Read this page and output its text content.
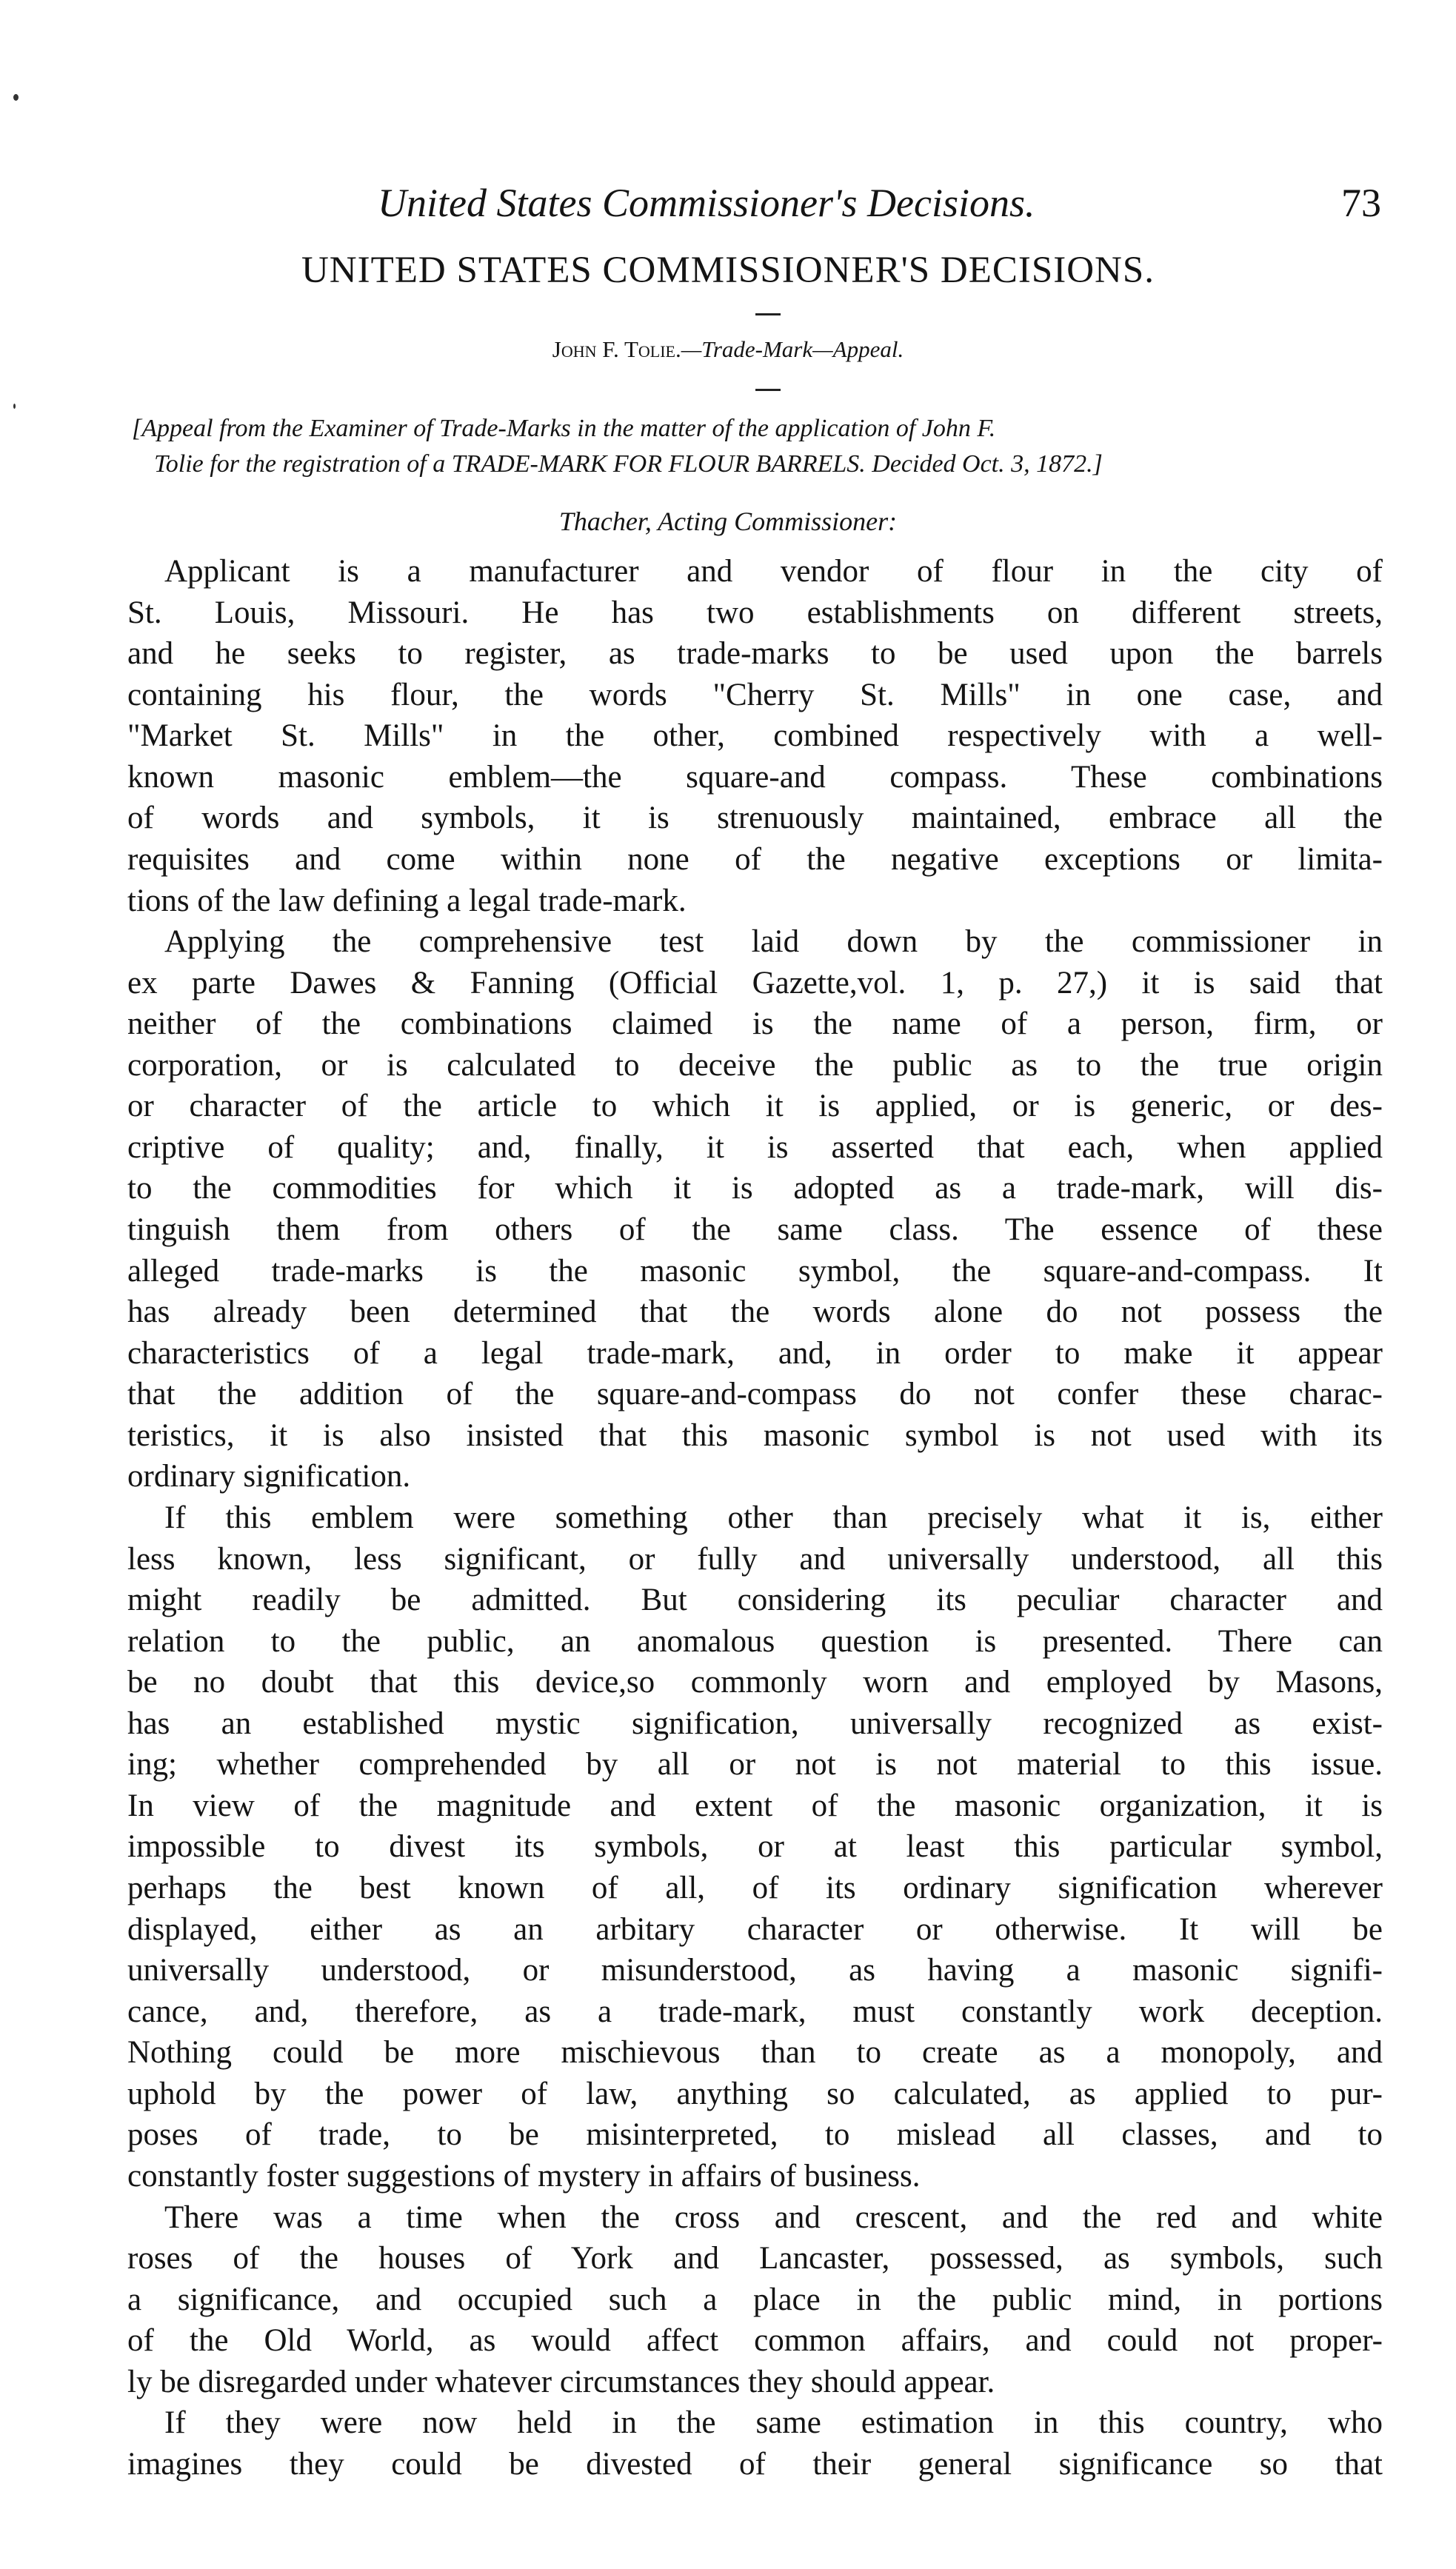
United States Commissioner's Decisions.	73
UNITED STATES COMMISSIONER'S DECISIONS.
John F. Tolie.—Trade-Mark—Appeal.
[Appeal from the Examiner of Trade-Marks in the matter of the application of John F.
Tolie for the registration of a TRADE-MARK FOR FLOUR BARRELS. Decided Oct. 3, 1872.]
Thacher, Acting Commissioner:
Applicant is a manufacturer and vendor of flour in the city of
St. Louis, Missouri. He has two establishments on different streets,
and he seeks to register, as trade-marks to be used upon the barrels
containing his flour, the words "Cherry St. Mills" in one case, and
"Market St. Mills" in the other, combined respectively with a well-
known masonic emblem—the square-and compass. These combinations
of words and symbols, it is strenuously maintained, embrace all the
requisites and come within none of the negative exceptions or limita-
tions of the law defining a legal trade-mark.
Applying the comprehensive test laid down by the commissioner in
ex parte Dawes & Fanning (Official Gazette,vol. 1, p. 27,) it is said that
neither of the combinations claimed is the name of a person, firm, or
corporation, or is calculated to deceive the public as to the true origin
or character of the article to which it is applied, or is generic, or des-
criptive of quality; and, finally, it is asserted that each, when applied
to the commodities for which it is adopted as a trade-mark, will dis-
tinguish them from others of the same class. The essence of these
alleged trade-marks is the masonic symbol, the square-and-compass. It
has already been determined that the words alone do not possess the
characteristics of a legal trade-mark, and, in order to make it appear
that the addition of the square-and-compass do not confer these charac-
teristics, it is also insisted that this masonic symbol is not used with its
ordinary signification.
If this emblem were something other than precisely what it is, either
less known, less significant, or fully and universally understood, all this
might readily be admitted. But considering its peculiar character and
relation to the public, an anomalous question is presented. There can
be no doubt that this device,so commonly worn and employed by Masons,
has an established mystic signification, universally recognized as exist-
ing; whether comprehended by all or not is not material to this issue.
In view of the magnitude and extent of the masonic organization, it is
impossible to divest its symbols, or at least this particular symbol,
perhaps the best known of all, of its ordinary signification wherever
displayed, either as an arbitary character or otherwise. It will be
universally understood, or misunderstood, as having a masonic signifi-
cance, and, therefore, as a trade-mark, must constantly work deception.
Nothing could be more mischievous than to create as a monopoly, and
uphold by the power of law, anything so calculated, as applied to pur-
poses of trade, to be misinterpreted, to mislead all classes, and to
constantly foster suggestions of mystery in affairs of business.
There was a time when the cross and crescent, and the red and white
roses of the houses of York and Lancaster, possessed, as symbols, such
a significance, and occupied such a place in the public mind, in portions
of the Old World, as would affect common affairs, and could not proper-
ly be disregarded under whatever circumstances they should appear.
If they were now held in the same estimation in this country, who
imagines they could be divested of their general significance so that
